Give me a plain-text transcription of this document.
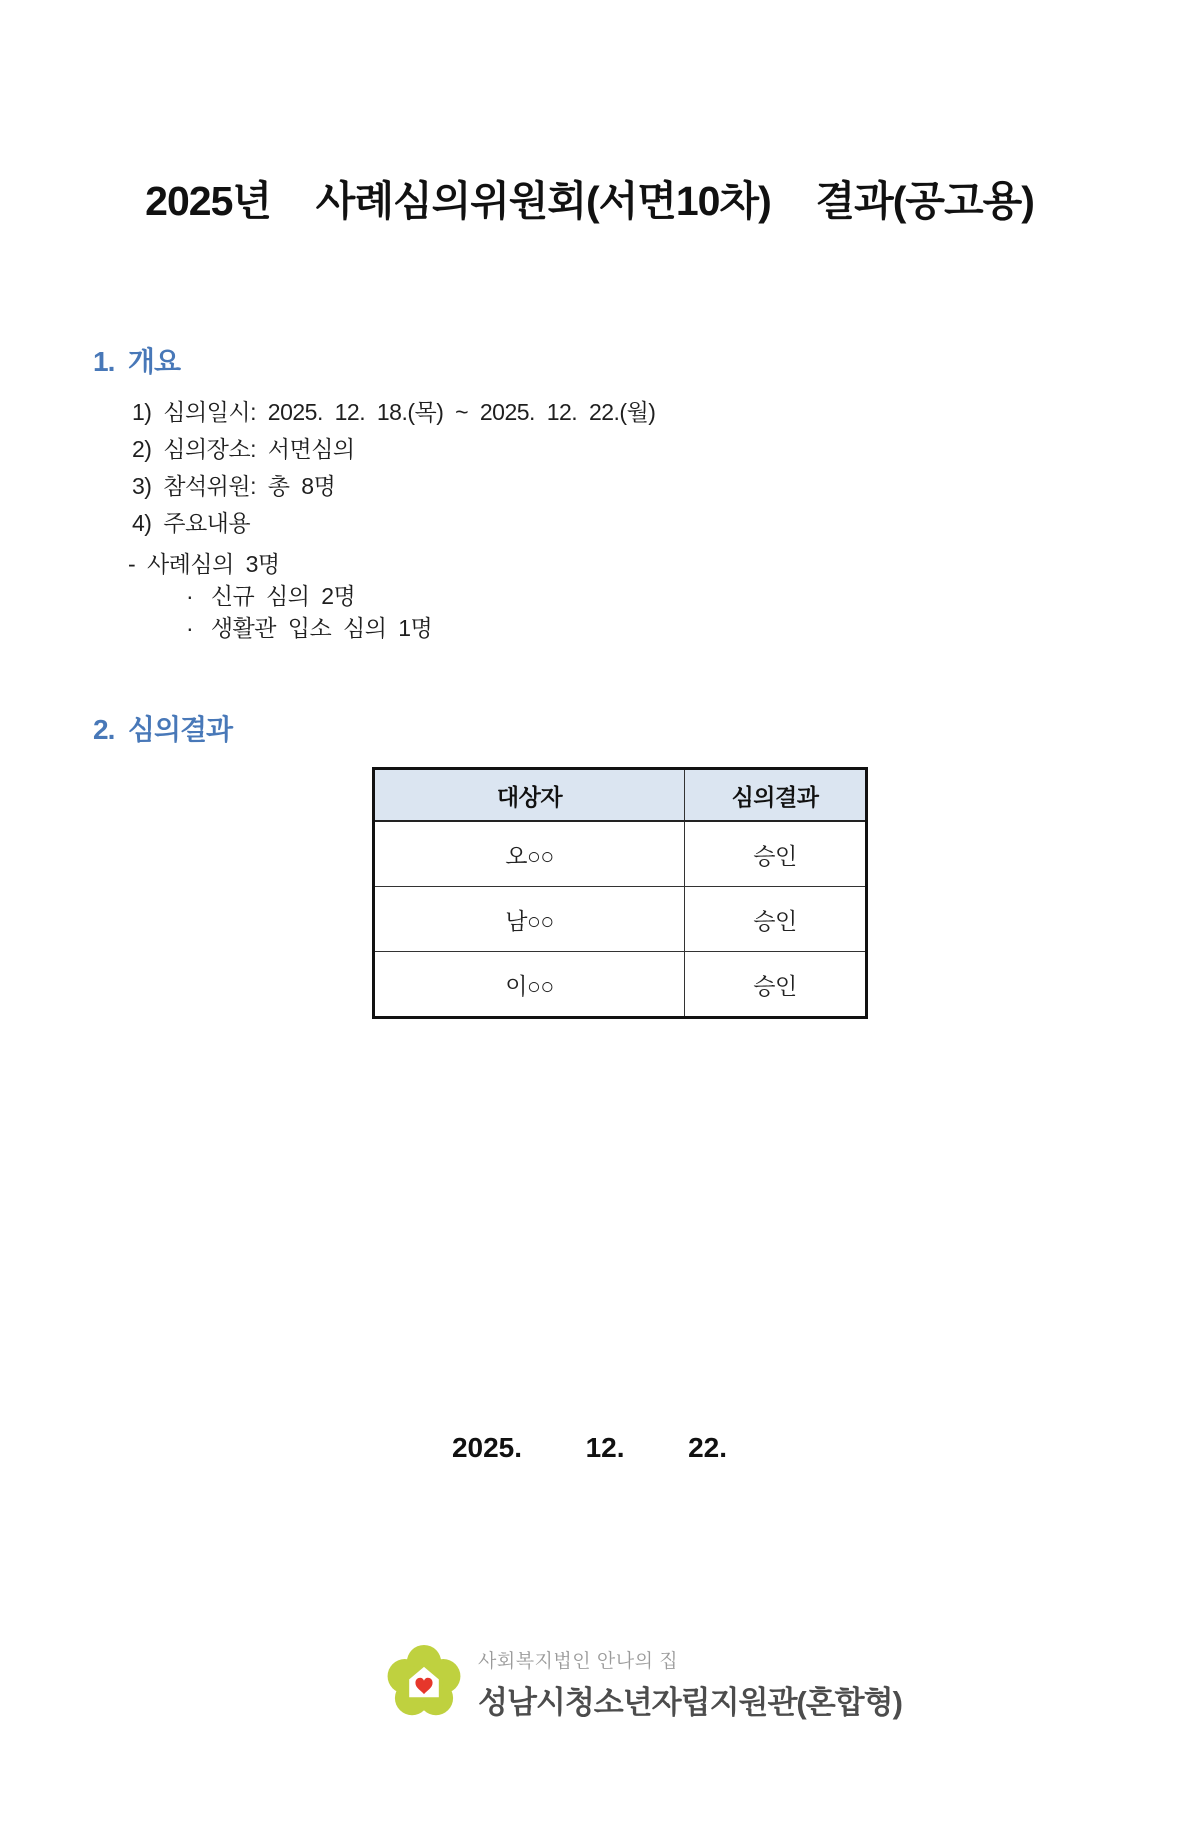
2025년  사례심의위원회(서면10차)  결과(공고용)
1.  개요
1)  심의일시:  2025.  12.  18.(목)  ~  2025.  12.  22.(월)
2)  심의장소:  서면심의
3)  참석위원:  총  8명
4)  주요내용
-  사례심의  3명
·   신규  심의  2명
·   생활관  입소  심의  1명
2.  심의결과
대상자	심의결과
오○○	승인
남○○	승인
이○○	승인
2025.  12.  22.
사회복지법인 안나의 집
성남시청소년자립지원관(혼합형)
